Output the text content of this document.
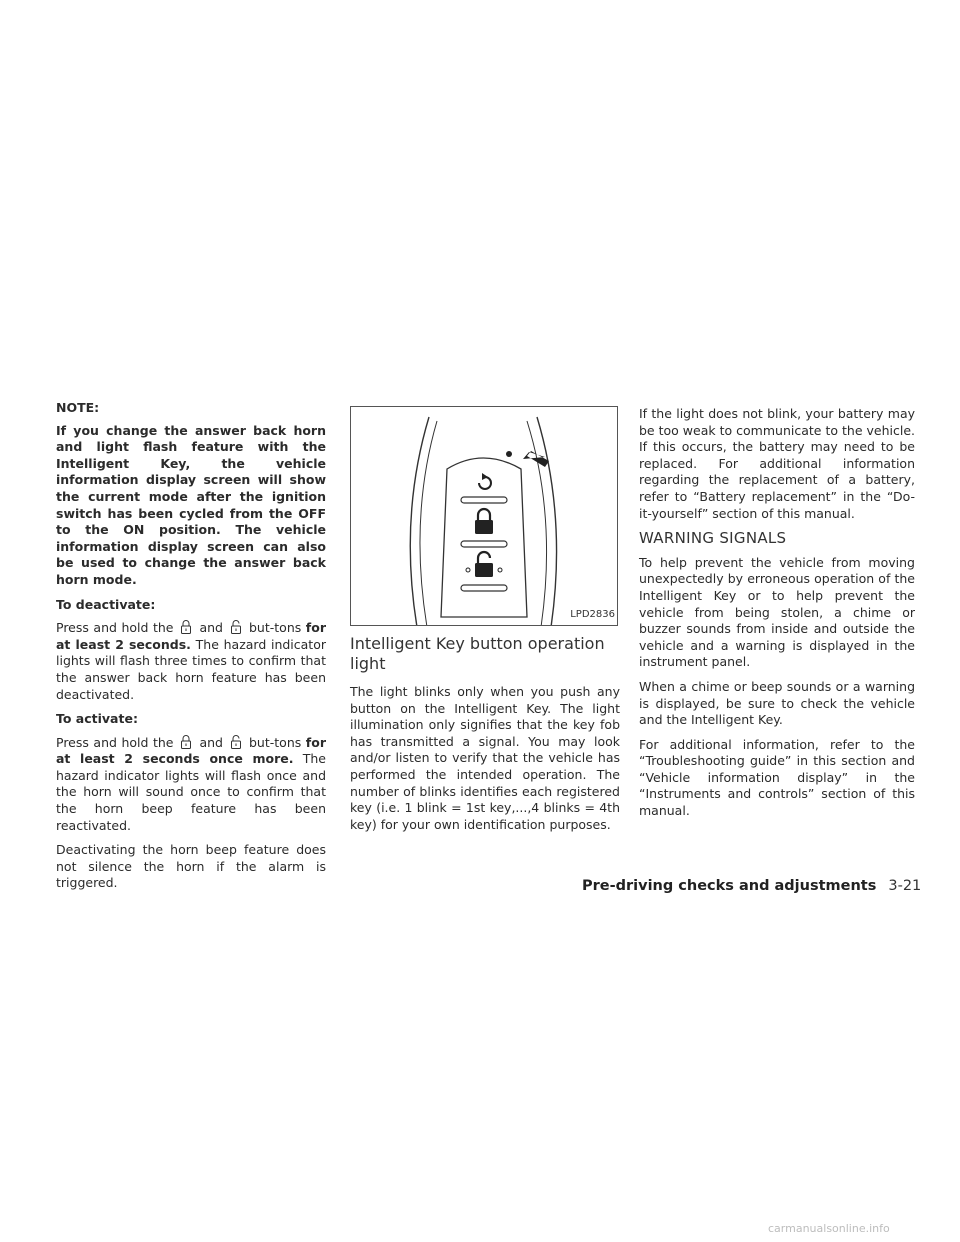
NOTE:

If you change the answer back horn and light flash feature with the Intelligent Key, the vehicle information display screen will show the current mode after the ignition switch has been cycled from the OFF to the ON position. The vehicle information display screen can also be used to change the answer back horn mode.

To deactivate:

Press and hold the and but-tons for at least 2 seconds. The hazard indicator lights will flash three times to confirm that the answer back horn feature has been deactivated.

To activate:

Press and hold the and but-tons for at least 2 seconds once more. The hazard indicator lights will flash once and the horn will sound once to confirm that the horn beep feature has been reactivated.

Deactivating the horn beep feature does not silence the horn if the alarm is triggered.

LPD2836
Intelligent Key button operation light

The light blinks only when you push any button on the Intelligent Key. The light illumination only signifies that the key fob has transmitted a signal. You may look and/or listen to verify that the vehicle has performed the intended operation. The number of blinks identifies each registered key (i.e. 1 blink = 1st key,...,4 blinks = 4th key) for your own identification purposes.

If the light does not blink, your battery may be too weak to communicate to the vehicle. If this occurs, the battery may need to be replaced. For additional information regarding the replacement of a battery, refer to “Battery replacement” in the “Do-it-yourself” section of this manual.

WARNING SIGNALS

To help prevent the vehicle from moving unexpectedly by erroneous operation of the Intelligent Key or to help prevent the vehicle from being stolen, a chime or buzzer sounds from inside and outside the vehicle and a warning is displayed in the instrument panel.

When a chime or beep sounds or a warning is displayed, be sure to check the vehicle and the Intelligent Key.

For additional information, refer to the “Troubleshooting guide” in this section and “Vehicle information display” in the “Instruments and controls” section of this manual.

Pre-driving checks and adjustments 3-21
carmanualsonline.info
